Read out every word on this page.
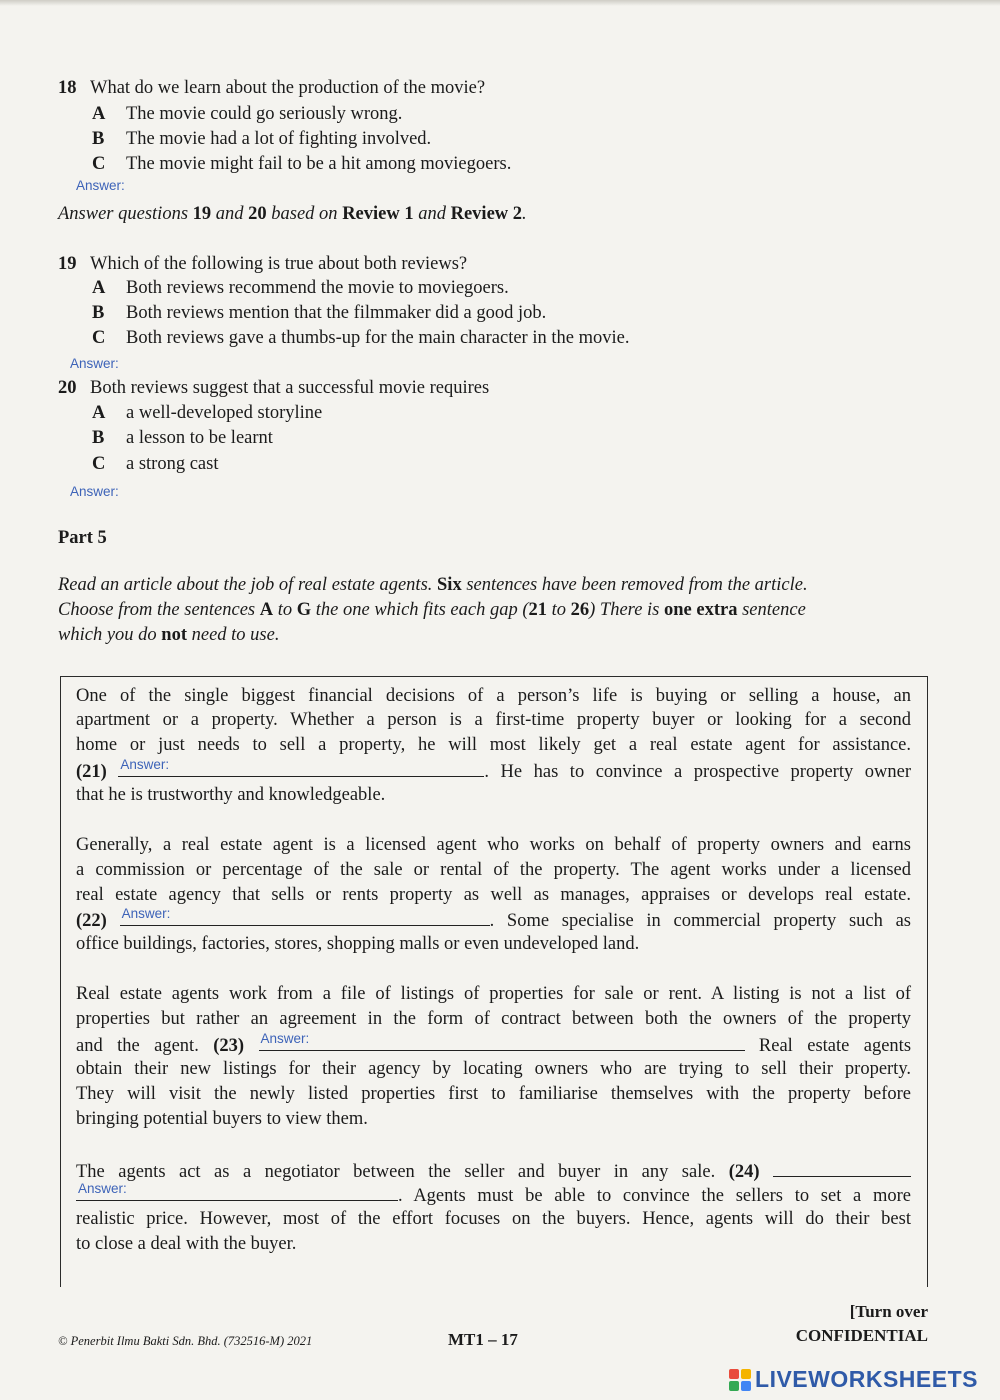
18 What do we learn about the production of the movie?
A The movie could go seriously wrong.
B The movie had a lot of fighting involved.
C The movie might fail to be a hit among moviegoers.
Answer:
Answer questions 19 and 20 based on Review 1 and Review 2.
19 Which of the following is true about both reviews?
A Both reviews recommend the movie to moviegoers.
B Both reviews mention that the filmmaker did a good job.
C Both reviews gave a thumbs-up for the main character in the movie.
Answer:
20 Both reviews suggest that a successful movie requires
A a well-developed storyline
B a lesson to be learnt
C a strong cast
Answer:
Part 5
Read an article about the job of real estate agents. Six sentences have been removed from the article.
Choose from the sentences A to G the one which fits each gap (21 to 26) There is one extra sentence
which you do not need to use.
One of the single biggest financial decisions of a person’s life is buying or selling a house, an
apartment or a property. Whether a person is a first-time property buyer or looking for a second
home or just needs to sell a property, he will most likely get a real estate agent for assistance.
(21) Answer:	. He has to convince a prospective property owner
that he is trustworthy and knowledgeable.
Generally, a real estate agent is a licensed agent who works on behalf of property owners and earns
a commission or percentage of the sale or rental of the property. The agent works under a licensed
real estate agency that sells or rents property as well as manages, appraises or develops real estate.
(22) Answer:	. Some specialise in commercial property such as
office buildings, factories, stores, shopping malls or even undeveloped land.
Real estate agents work from a file of listings of properties for sale or rent. A listing is not a list of
properties but rather an agreement in the form of contract between both the owners of the property
and the agent. (23) Answer:	Real estate agents
obtain their new listings for their agency by locating owners who are trying to sell their property.
They will visit the newly listed properties first to familiarise themselves with the property before
bringing potential buyers to view them.
The agents act as a negotiator between the seller and buyer in any sale. (24)
Answer:	. Agents must be able to convince the sellers to set a more
realistic price. However, most of the effort focuses on the buyers. Hence, agents will do their best
to close a deal with the buyer.
[Turn over
CONFIDENTIAL
© Penerbit Ilmu Bakti Sdn. Bhd. (732516-M) 2021	MT1 – 17
LIVEWORKSHEETS
